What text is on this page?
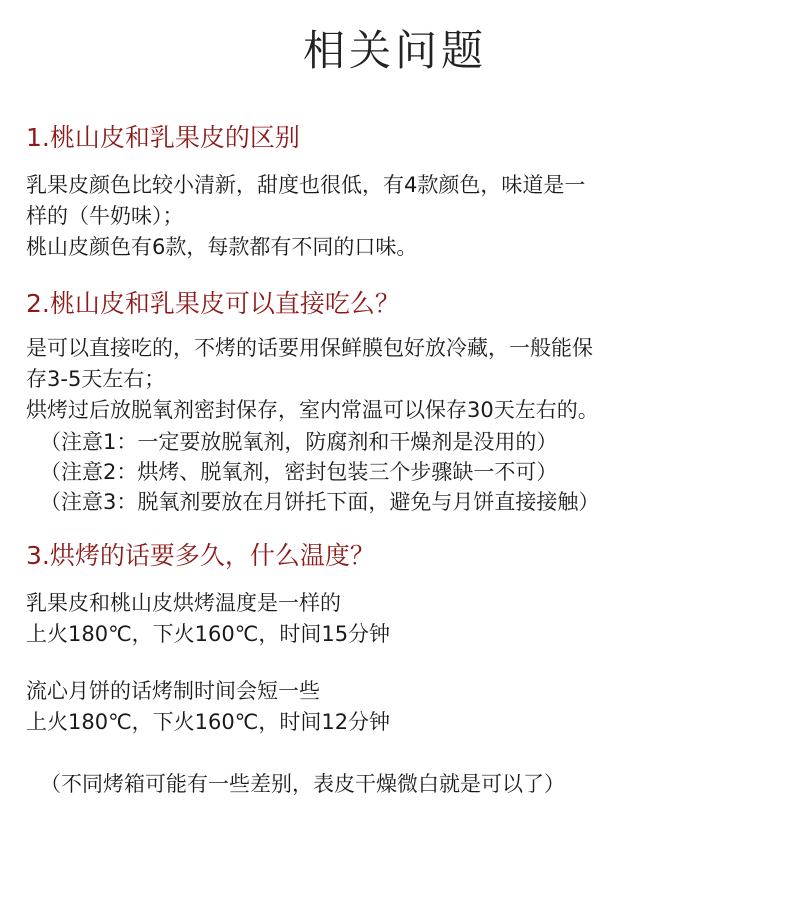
相关问题
1.桃山皮和乳果皮的区别
乳果皮颜色比较小清新，甜度也很低，有4款颜色，味道是一
样的（牛奶味）；
桃山皮颜色有6款，每款都有不同的口味。
2.桃山皮和乳果皮可以直接吃么？
是可以直接吃的，不烤的话要用保鲜膜包好放冷藏，一般能保
存3-5天左右；
烘烤过后放脱氧剂密封保存，室内常温可以保存30天左右的。
（注意1：一定要放脱氧剂，防腐剂和干燥剂是没用的）
（注意2：烘烤、脱氧剂，密封包装三个步骤缺一不可）
（注意3：脱氧剂要放在月饼托下面，避免与月饼直接接触）
3.烘烤的话要多久，什么温度？
乳果皮和桃山皮烘烤温度是一样的
上火180℃，下火160℃，时间15分钟
流心月饼的话烤制时间会短一些
上火180℃，下火160℃，时间12分钟
（不同烤箱可能有一些差别，表皮干燥微白就是可以了）
